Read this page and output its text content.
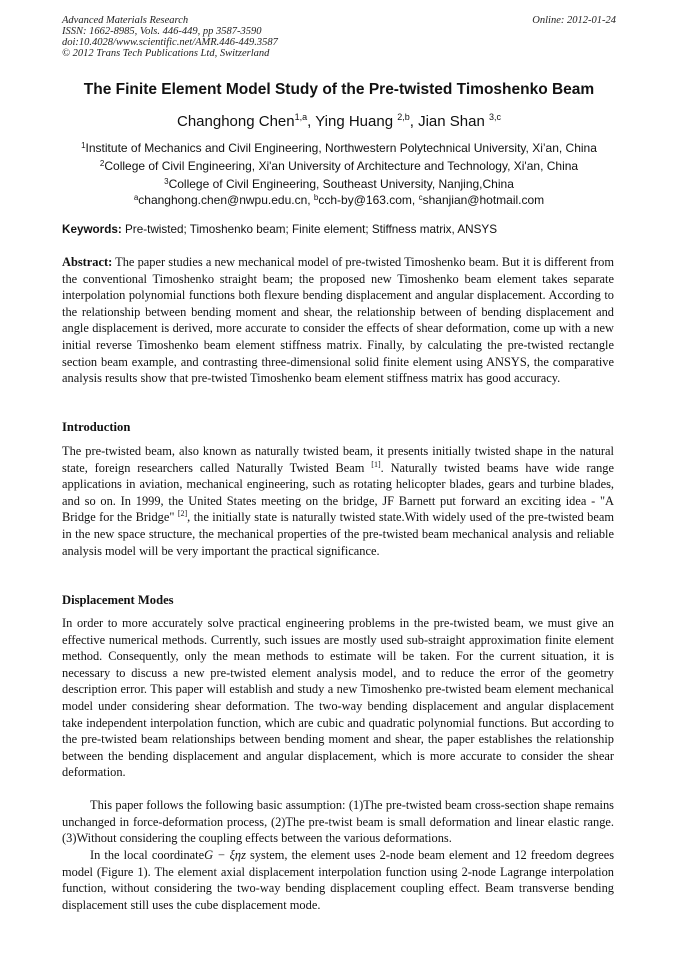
Advanced Materials Research
ISSN: 1662-8985, Vols. 446-449, pp 3587-3590
doi:10.4028/www.scientific.net/AMR.446-449.3587
© 2012 Trans Tech Publications Ltd, Switzerland
Online: 2012-01-24
The Finite Element Model Study of the Pre-twisted Timoshenko Beam
Changhong Chen$^{1,a}$, Ying Huang $^{2,b}$, Jian Shan $^{3,c}$
$^1$Institute of Mechanics and Civil Engineering, Northwestern Polytechnical University, Xi’an, China
$^2$College of Civil Engineering, Xi'an University of Architecture and Technology, Xi'an, China
$^3$College of Civil Engineering, Southeast University, Nanjing,China
$^a$changhong.chen@nwpu.edu.cn, $^b$cch-by@163.com, $^c$shanjian@hotmail.com
Keywords: Pre-twisted; Timoshenko beam; Finite element; Stiffness matrix, ANSYS

Abstract: The paper studies a new mechanical model of pre-twisted Timoshenko beam. But it is different from the conventional Timoshenko straight beam; the proposed new Timoshenko beam element takes separate interpolation polynomial functions both flexure bending displacement and angular displacement. According to the relationship between bending moment and shear, the relationship between of bending displacement and angle displacement is derived, more accurate to consider the effects of shear deformation, come up with a new initial reverse Timoshenko beam element stiffness matrix. Finally, by calculating the pre-twisted rectangle section beam example, and contrasting three-dimensional solid finite element using ANSYS, the comparative analysis results show that pre-twisted Timoshenko beam element stiffness matrix has good accuracy.

Introduction

The pre-twisted beam, also known as naturally twisted beam, it presents initially twisted shape in the natural state, foreign researchers called Naturally Twisted Beam [1]. Naturally twisted beams have wide range applications in aviation, mechanical engineering, such as rotating helicopter blades, gears and turbine blades, and so on. In 1999, the United States meeting on the bridge, JF Barnett put forward an exciting idea - "A Bridge for the Bridge" [2], the initially state is naturally twisted state.With widely used of the pre-twisted beam in the new space structure, the mechanical properties of the pre-twisted beam mechanical analysis and reliable analysis model will be very important the practical significance.

Displacement Modes

In order to more accurately solve practical engineering problems in the pre-twisted beam, we must give an effective numerical methods. Currently, such issues are mostly used sub-straight approximation finite element method. Consequently, only the mean methods to estimate will be taken. For the current situation, it is necessary to discuss a new pre-twisted element analysis model, and to reduce the error of the geometry description error. This paper will establish and study a new Timoshenko pre-twisted beam element mechanical model under considering shear deformation. The two-way bending displacement and angular displacement take independent interpolation function, which are cubic and quadratic polynomial functions. But according to the pre-twisted beam relationships between bending moment and shear, the paper establishes the relationship between the bending displacement and angular displacement, which is more accurate to consider the shear deformation.

This paper follows the following basic assumption: (1)The pre-twisted beam cross-section shape remains unchanged in force-deformation process, (2)The pre-twist beam is small deformation and linear elastic range. (3)Without considering the coupling effects between the various deformations.

In the local coordinateG − ξηz system, the element uses 2-node beam element and 12 freedom degrees model (Figure 1). The element axial displacement interpolation function using 2-node Lagrange interpolation function, without considering the two-way bending displacement coupling effect. Beam transverse bending displacement still uses the cube displacement mode.
